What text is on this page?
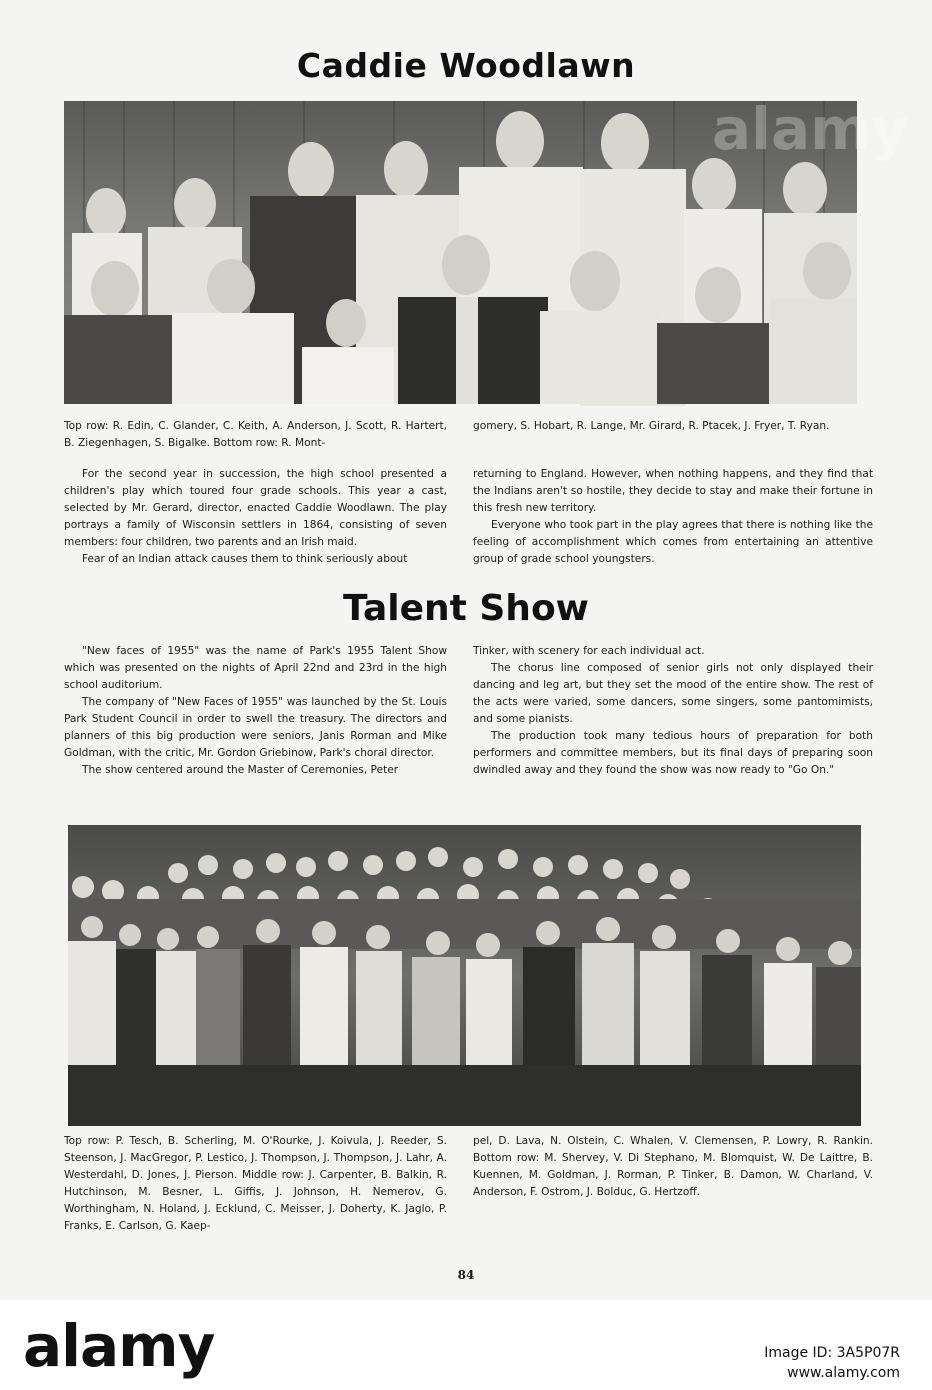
Caddie Woodlawn
alamy

Top row: R. Edin, C. Glander, C. Keith, A. Anderson, J. Scott, R. Hartert, B. Ziegenhagen, S. Bigalke. Bottom row: R. Mont-

gomery, S. Hobart, R. Lange, Mr. Girard, R. Ptacek, J. Fryer, T. Ryan.

For the second year in succession, the high school presented a children's play which toured four grade schools. This year a cast, selected by Mr. Gerard, director, enacted Caddie Woodlawn. The play portrays a family of Wisconsin settlers in 1864, consisting of seven members: four children, two parents and an Irish maid.

Fear of an Indian attack causes them to think seriously about

returning to England. However, when nothing happens, and they find that the Indians aren't so hostile, they decide to stay and make their fortune in this fresh new territory.

Everyone who took part in the play agrees that there is nothing like the feeling of accomplishment which comes from entertaining an attentive group of grade school youngsters.

Talent Show

"New faces of 1955" was the name of Park's 1955 Talent Show which was presented on the nights of April 22nd and 23rd in the high school auditorium.

The company of "New Faces of 1955" was launched by the St. Louis Park Student Council in order to swell the treasury. The directors and planners of this big production were seniors, Janis Rorman and Mike Goldman, with the critic, Mr. Gordon Griebinow, Park's choral director.

The show centered around the Master of Ceremonies, Peter

Tinker, with scenery for each individual act.

The chorus line composed of senior girls not only displayed their dancing and leg art, but they set the mood of the entire show. The rest of the acts were varied, some dancers, some singers, some pantomimists, and some pianists.

The production took many tedious hours of preparation for both performers and committee members, but its final days of preparing soon dwindled away and they found the show was now ready to "Go On."

Top row: P. Tesch, B. Scherling, M. O'Rourke, J. Koivula, J. Reeder, S. Steenson, J. MacGregor, P. Lestico, J. Thompson, J. Thompson, J. Lahr, A. Westerdahl, D. Jones, J. Pierson. Middle row: J. Carpenter, B. Balkin, R. Hutchinson, M. Besner, L. Giffis, J. Johnson, H. Nemerov, G. Worthingham, N. Holand, J. Ecklund, C. Meisser, J. Doherty, K. Jaglo, P. Franks, E. Carlson, G. Kaep-

pel, D. Lava, N. Olstein, C. Whalen, V. Clemensen, P. Lowry, R. Rankin. Bottom row: M. Shervey, V. Di Stephano, M. Blomquist, W. De Laittre, B. Kuennen, M. Goldman, J. Rorman, P. Tinker, B. Damon, W. Charland, V. Anderson, F. Ostrom, J. Bolduc, G. Hertzoff.

84
alamy	Image ID: 3A5P07R
www.alamy.com
